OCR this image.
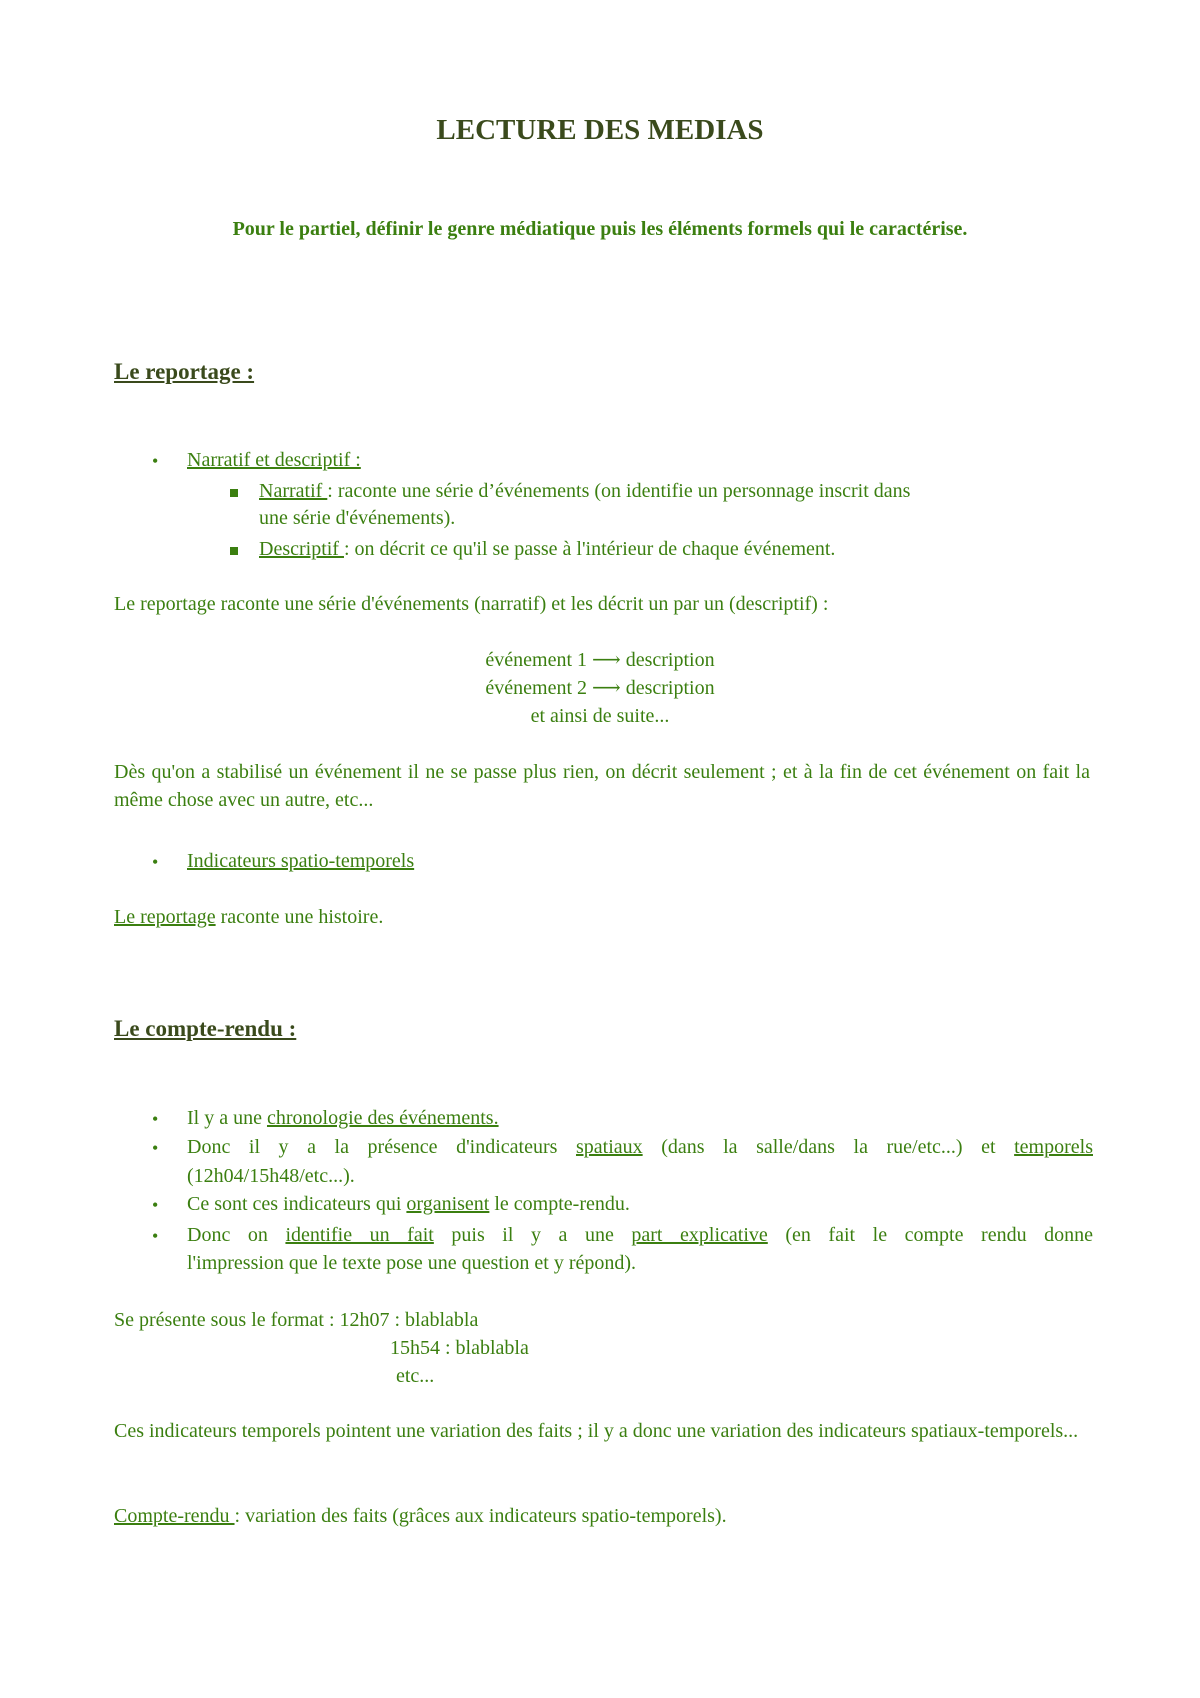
LECTURE DES MEDIAS

Pour le partiel, définir le genre médiatique puis les éléments formels qui le caractérise.

Le reportage :

• Narratif et descriptif :

Narratif : raconte une série d’événements (on identifie un personnage inscrit dans

une série d'événements).

Descriptif : on décrit ce qu'il se passe à l'intérieur de chaque événement.

Le reportage raconte une série d'événements (narratif) et les décrit un par un (descriptif) :

événement 1 ⟶ description

événement 2 ⟶ description

et ainsi de suite...

Dès qu'on a stabilisé un événement il ne se passe plus rien, on décrit seulement ; et à la fin de cet événement on fait la même chose avec un autre, etc...

• Indicateurs spatio-temporels

Le reportage raconte une histoire.

Le compte-rendu :

• Il y a une chronologie des événements.

• Donc il y a la présence d'indicateurs spatiaux (dans la salle/dans la rue/etc...) et temporels

(12h04/15h48/etc...).

• Ce sont ces indicateurs qui organisent le compte-rendu.

• Donc on identifie un fait puis il y a une part explicative (en fait le compte rendu donne

l'impression que le texte pose une question et y répond).

Se présente sous le format : 12h07 : blablabla

15h54 : blablabla

etc...

Ces indicateurs temporels pointent une variation des faits ; il y a donc une variation des indicateurs spatiaux-temporels...

Compte-rendu : variation des faits (grâces aux indicateurs spatio-temporels).
